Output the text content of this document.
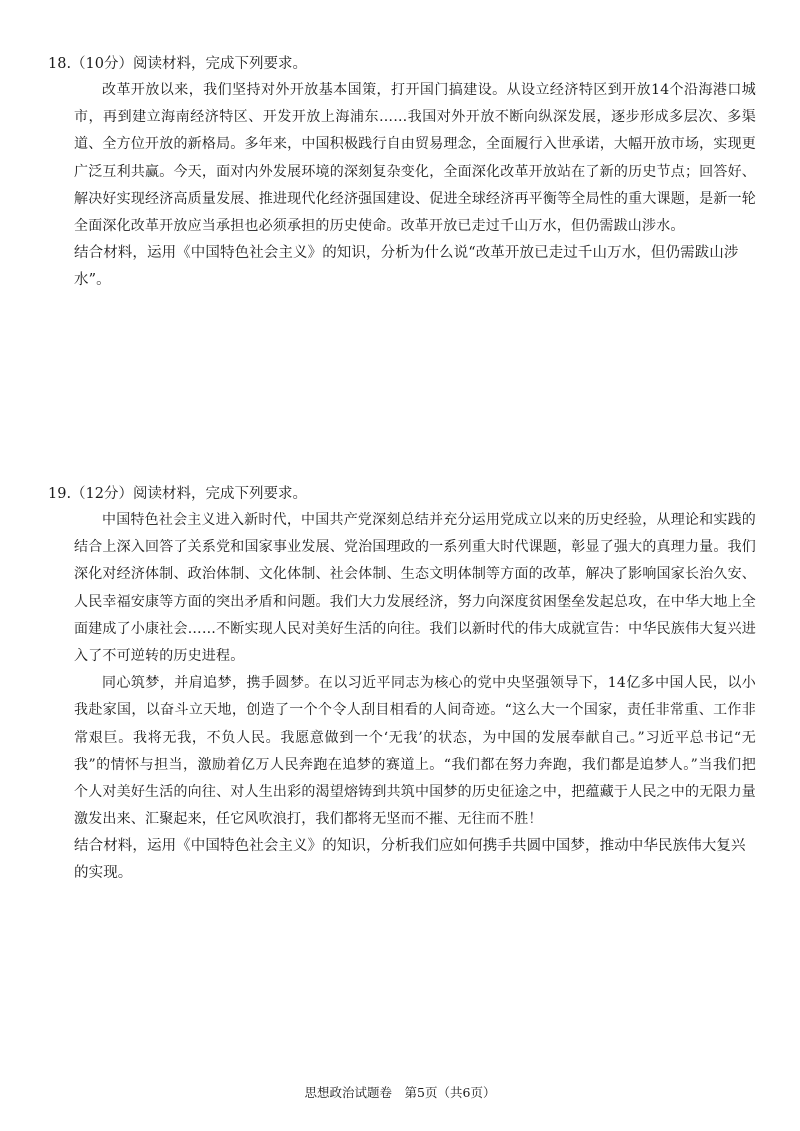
18.（10分）阅读材料，完成下列要求。

改革开放以来，我们坚持对外开放基本国策，打开国门搞建设。从设立经济特区到开放14个沿海港口城市，再到建立海南经济特区、开发开放上海浦东……我国对外开放不断向纵深发展，逐步形成多层次、多渠道、全方位开放的新格局。多年来，中国积极践行自由贸易理念，全面履行入世承诺，大幅开放市场，实现更广泛互利共赢。今天，面对内外发展环境的深刻复杂变化，全面深化改革开放站在了新的历史节点；回答好、解决好实现经济高质量发展、推进现代化经济强国建设、促进全球经济再平衡等全局性的重大课题，是新一轮全面深化改革开放应当承担也必须承担的历史使命。改革开放已走过千山万水，但仍需跋山涉水。

结合材料，运用《中国特色社会主义》的知识，分析为什么说“改革开放已走过千山万水，但仍需跋山涉水”。

19.（12分）阅读材料，完成下列要求。

中国特色社会主义进入新时代，中国共产党深刻总结并充分运用党成立以来的历史经验，从理论和实践的结合上深入回答了关系党和国家事业发展、党治国理政的一系列重大时代课题，彰显了强大的真理力量。我们深化对经济体制、政治体制、文化体制、社会体制、生态文明体制等方面的改革，解决了影响国家长治久安、人民幸福安康等方面的突出矛盾和问题。我们大力发展经济，努力向深度贫困堡垒发起总攻，在中华大地上全面建成了小康社会……不断实现人民对美好生活的向往。我们以新时代的伟大成就宣告：中华民族伟大复兴进入了不可逆转的历史进程。

同心筑梦，并肩追梦，携手圆梦。在以习近平同志为核心的党中央坚强领导下，14亿多中国人民，以小我赴家国，以奋斗立天地，创造了一个个令人刮目相看的人间奇迹。“这么大一个国家，责任非常重、工作非常艰巨。我将无我，不负人民。我愿意做到一个‘无我’的状态，为中国的发展奉献自己。”习近平总书记“无我”的情怀与担当，激励着亿万人民奔跑在追梦的赛道上。“我们都在努力奔跑，我们都是追梦人。”当我们把个人对美好生活的向往、对人生出彩的渴望熔铸到共筑中国梦的历史征途之中，把蕴藏于人民之中的无限力量激发出来、汇聚起来，任它风吹浪打，我们都将无坚而不摧、无往而不胜！

结合材料，运用《中国特色社会主义》的知识，分析我们应如何携手共圆中国梦，推动中华民族伟大复兴的实现。

思想政治试题卷　第5页（共6页）
